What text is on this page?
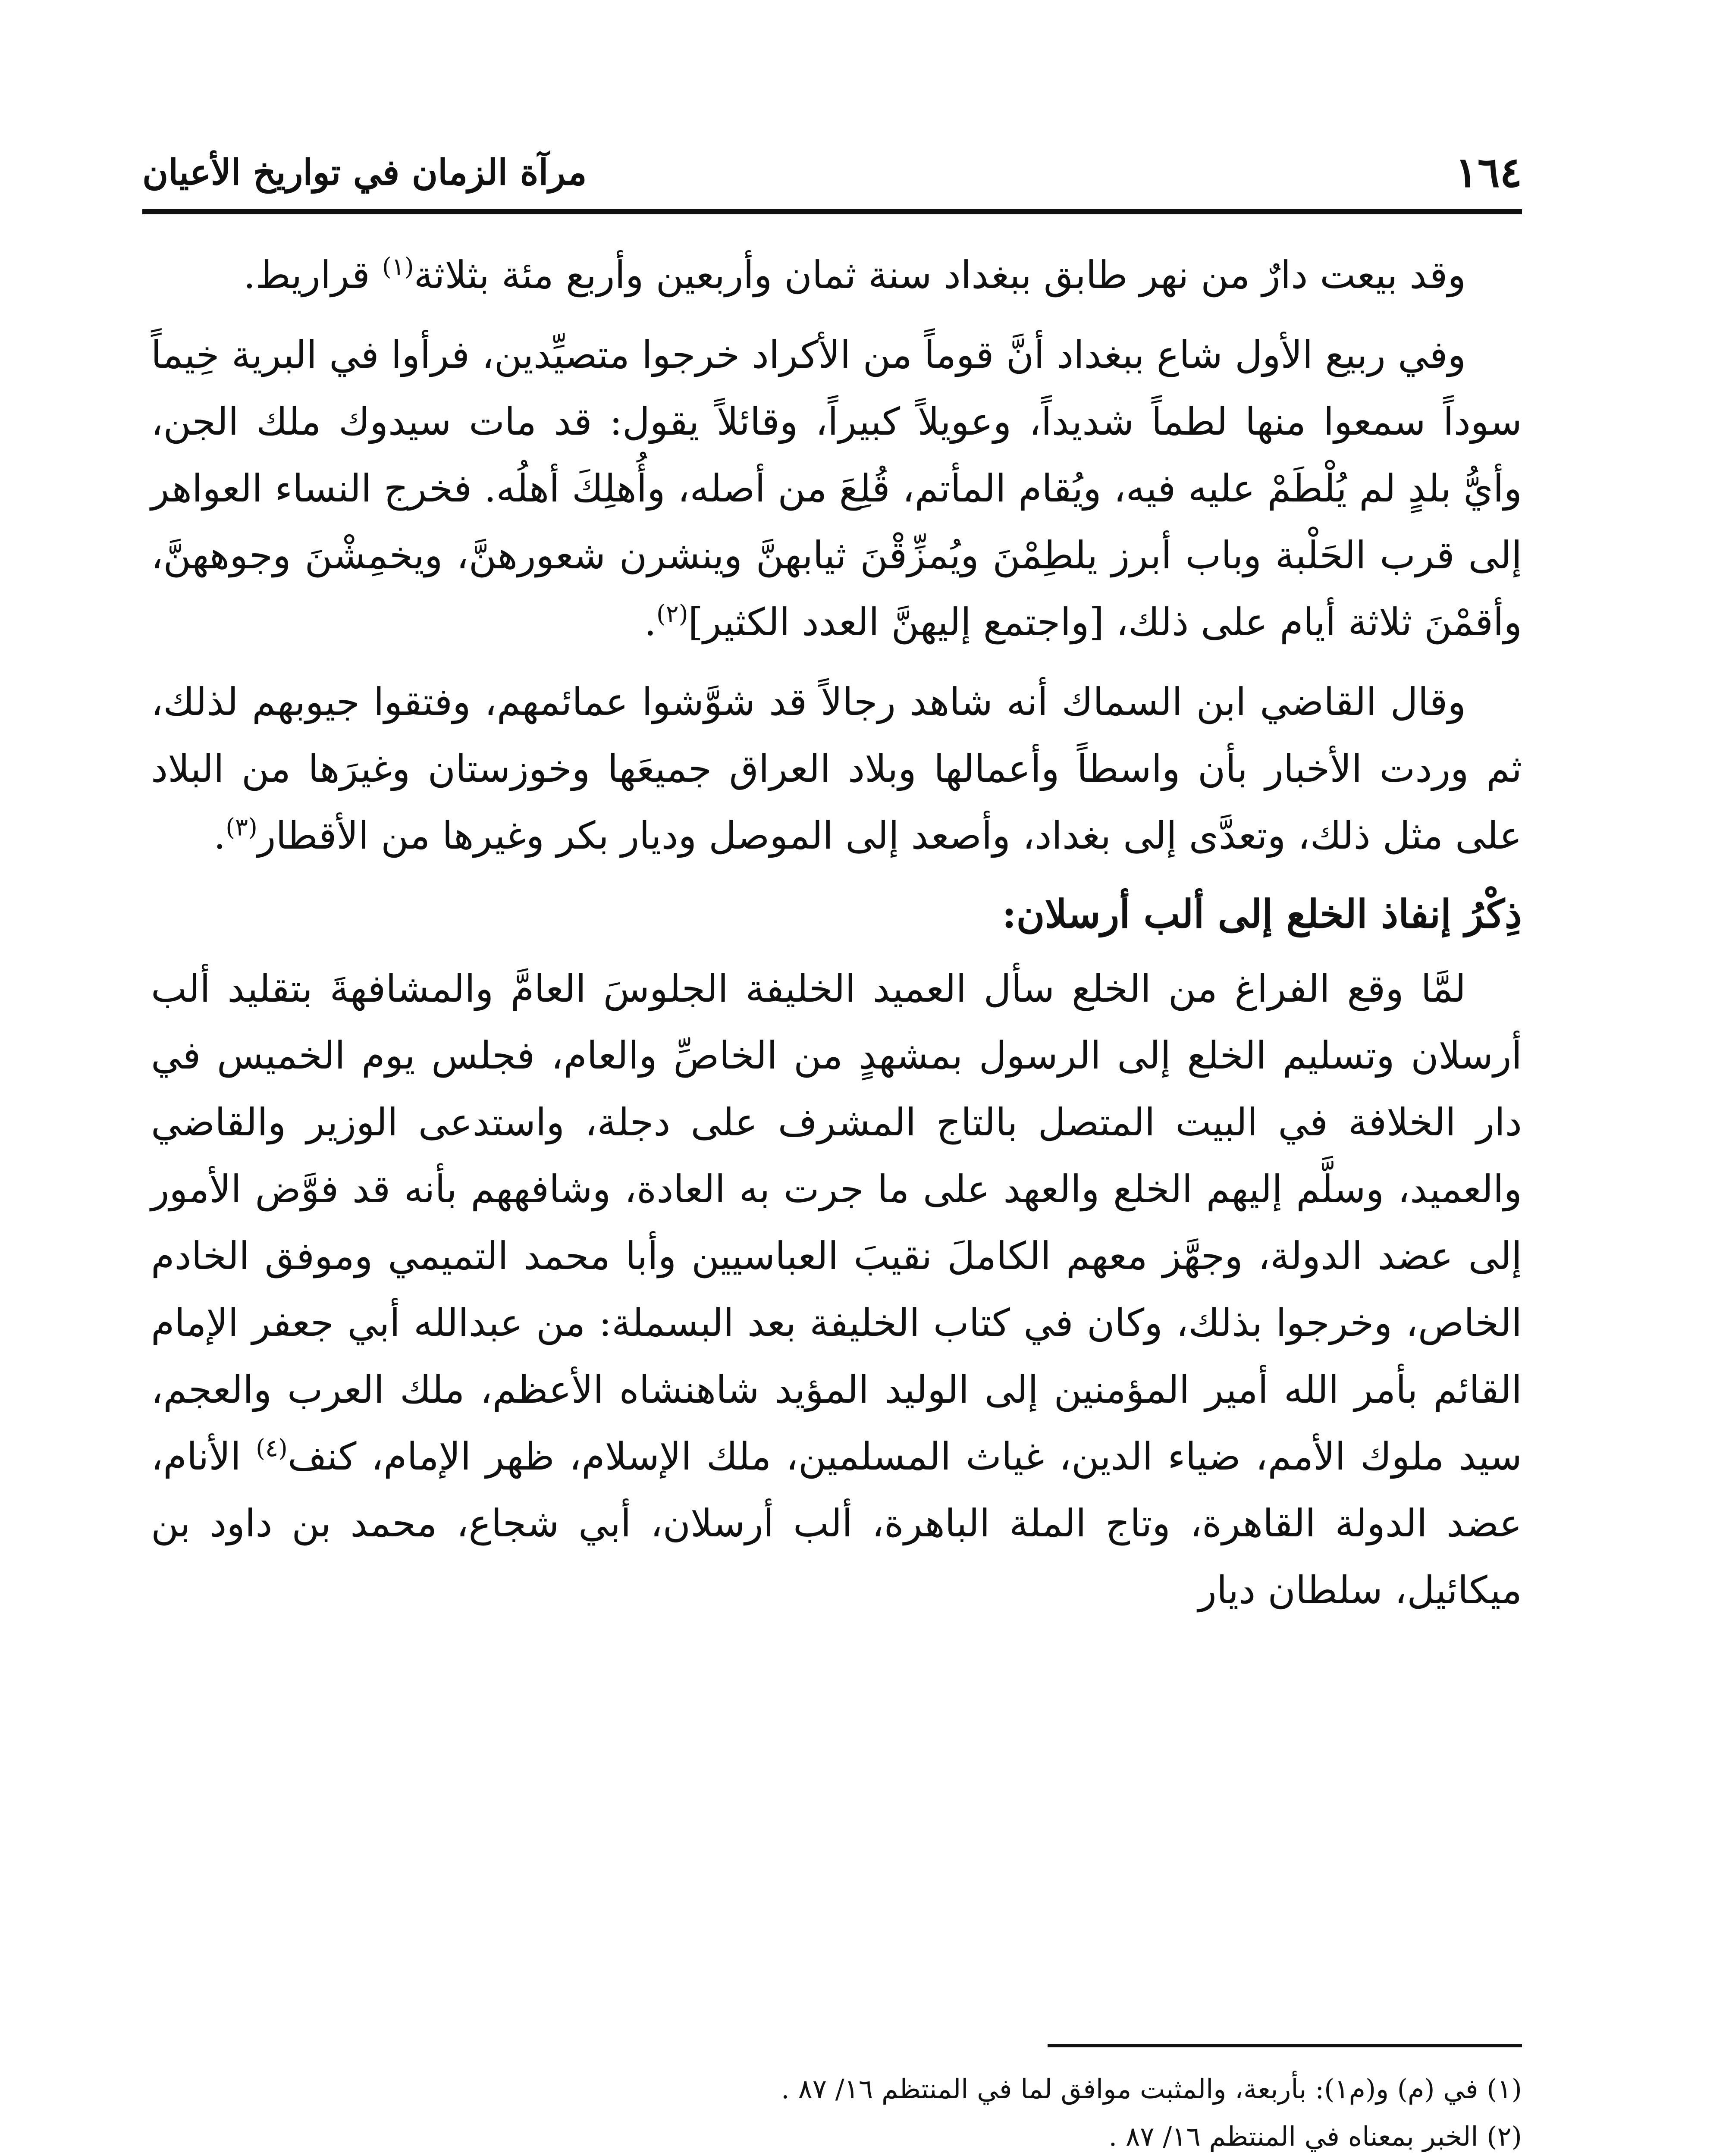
١٦٤
مرآة الزمان في تواريخ الأعيان

وقد بيعت دارٌ من نهر طابق ببغداد سنة ثمان وأربعين وأربع مئة بثلاثة$^{(١)}$ قراريط.

وفي ربيع الأول شاع ببغداد أنَّ قوماً من الأكراد خرجوا متصيِّدين، فرأوا في البرية خِيماً سوداً سمعوا منها لطماً شديداً، وعويلاً كبيراً، وقائلاً يقول: قد مات سيدوك ملك الجن، وأيُّ بلدٍ لم يُلْطَمْ عليه فيه، ويُقام المأتم، قُلِعَ من أصله، وأُهلِكَ أهلُه. فخرج النساء العواهر إلى قرب الحَلْبة وباب أبرز يلطِمْنَ ويُمزِّقْنَ ثيابهنَّ وينشرن شعورهنَّ، ويخمِشْنَ وجوههنَّ، وأقمْنَ ثلاثة أيام على ذلك، [واجتمع إليهنَّ العدد الكثير]$^{(٢)}$.

وقال القاضي ابن السماك أنه شاهد رجالاً قد شوَّشوا عمائمهم، وفتقوا جيوبهم لذلك، ثم وردت الأخبار بأن واسطاً وأعمالها وبلاد العراق جميعَها وخوزستان وغيرَها من البلاد على مثل ذلك، وتعدَّى إلى بغداد، وأصعد إلى الموصل وديار بكر وغيرها من الأقطار$^{(٣)}$.

ذِكْرُ إنفاذ الخلع إلى ألب أرسلان:

لمَّا وقع الفراغ من الخلع سأل العميد الخليفة الجلوسَ العامَّ والمشافهةَ بتقليد ألب أرسلان وتسليم الخلع إلى الرسول بمشهدٍ من الخاصِّ والعام، فجلس يوم الخميس في دار الخلافة في البيت المتصل بالتاج المشرف على دجلة، واستدعى الوزير والقاضي والعميد، وسلَّم إليهم الخلع والعهد على ما جرت به العادة، وشافههم بأنه قد فوَّض الأمور إلى عضد الدولة، وجهَّز معهم الكاملَ نقيبَ العباسيين وأبا محمد التميمي وموفق الخادم الخاص، وخرجوا بذلك، وكان في كتاب الخليفة بعد البسملة: من عبدالله أبي جعفر الإمام القائم بأمر الله أمير المؤمنين إلى الوليد المؤيد شاهنشاه الأعظم، ملك العرب والعجم، سيد ملوك الأمم، ضياء الدين، غياث المسلمين، ملك الإسلام، ظهر الإمام، كنف$^{(٤)}$ الأنام، عضد الدولة القاهرة، وتاج الملة الباهرة، ألب أرسلان، أبي شجاع، محمد بن داود بن ميكائيل، سلطان ديار

(١) في (م) و(م١): بأربعة، والمثبت موافق لما في المنتظم ١٦/ ٨٧ .

(٢) الخبر بمعناه في المنتظم ١٦/ ٨٧ .
